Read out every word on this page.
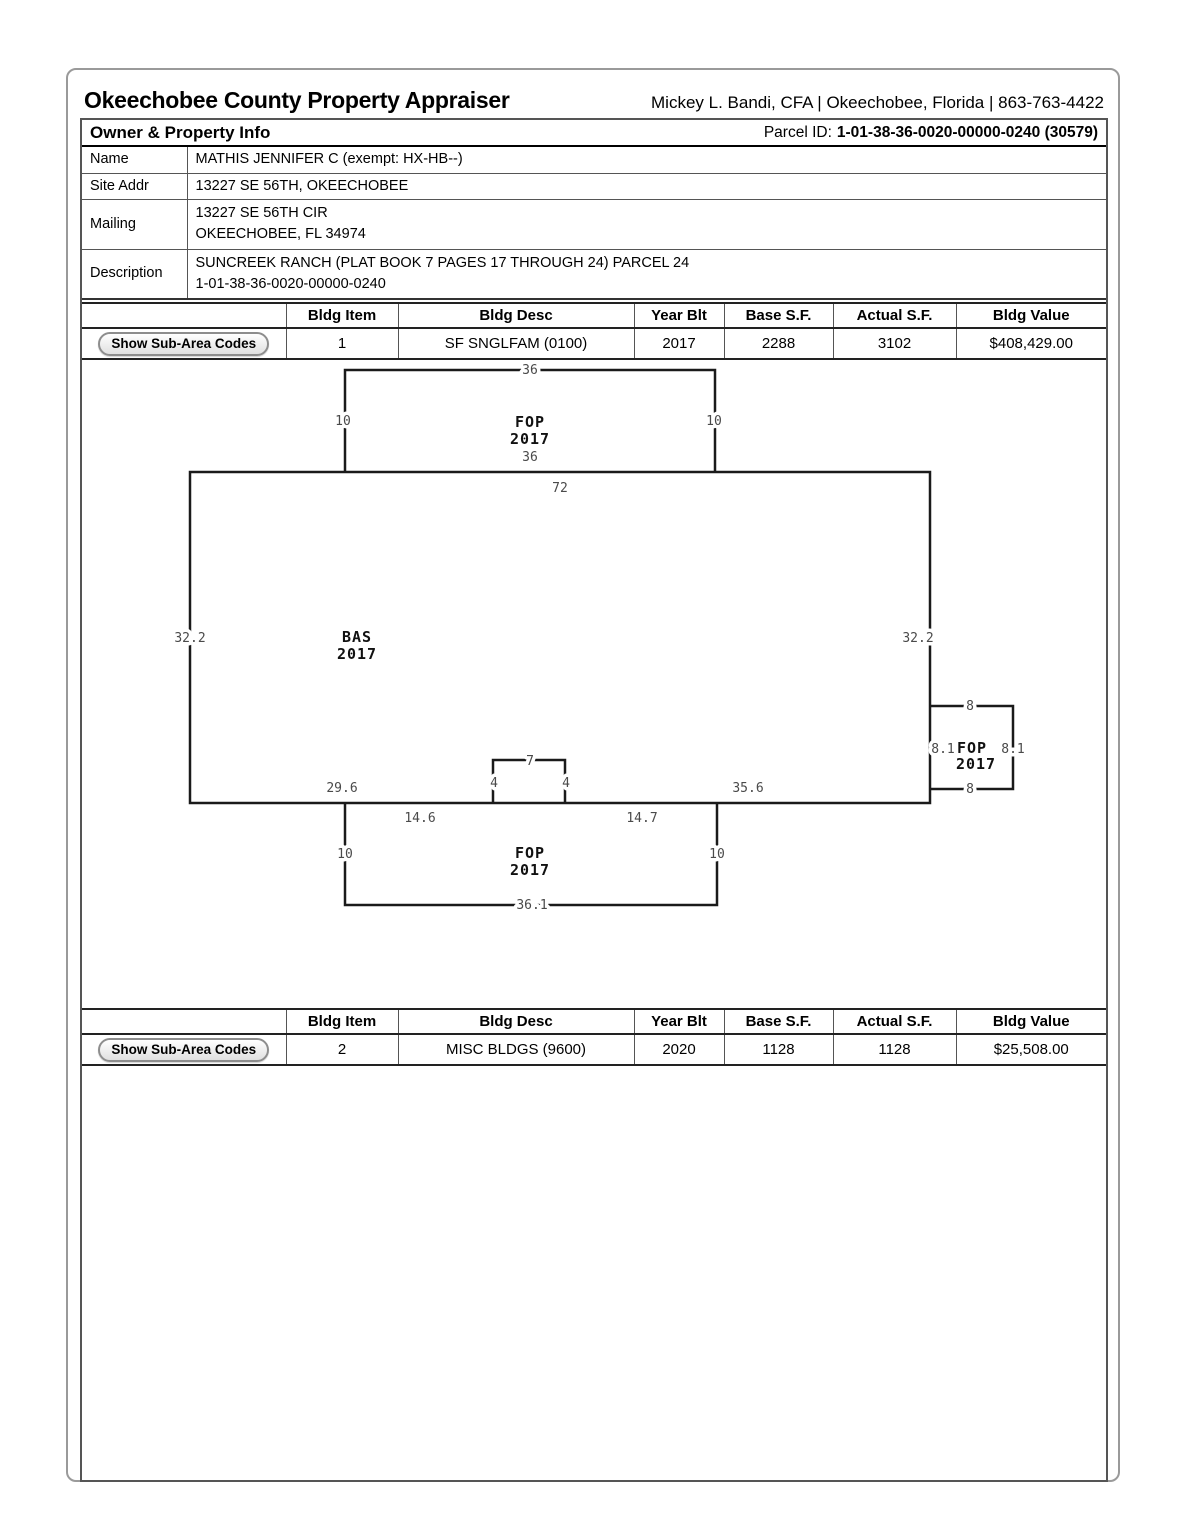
Okeechobee County Property Appraiser	Mickey L. Bandi, CFA | Okeechobee, Florida | 863-763-4422
Owner & Property Info	Parcel ID: 1-01-38-36-0020-00000-0240 (30579)
Name	MATHIS JENNIFER C (exempt: HX-HB--)
Site Addr	13227 SE 56TH, OKEECHOBEE
Mailing	13227 SE 56TH CIR
OKEECHOBEE, FL 34974

Description	SUNCREEK RANCH (PLAT BOOK 7 PAGES 17 THROUGH 24) PARCEL 24
1-01-38-36-0020-00000-0240
	Bldg Item	Bldg Desc	Year Blt	Base S.F.	Actual S.F.	Bldg Value
Show Sub-Area Codes	1	SF SNGLFAM (0100)	2017	2288	3102	$408,429.00
36
10	10
FOP
2017
36
72
32.2	32.2
BAS
2017
7
4	4
29.6	35.6
8
8.1 FOP 8.1
2017
8
14.6	14.7
10	10
FOP
2017
36.1
	Bldg Item	Bldg Desc	Year Blt	Base S.F.	Actual S.F.	Bldg Value
Show Sub-Area Codes	2	MISC BLDGS (9600)	2020	1128	1128	$25,508.00
